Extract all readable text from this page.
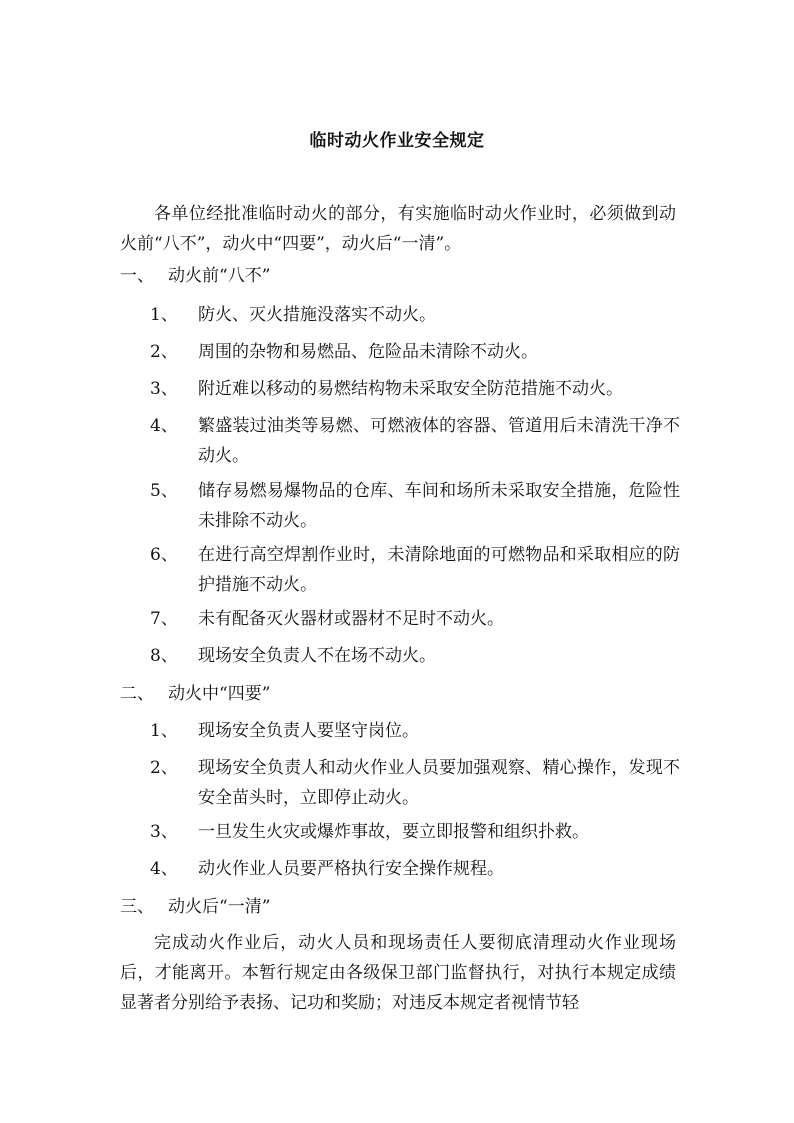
临时动火作业安全规定
各单位经批准临时动火的部分，有实施临时动火作业时，必须做到动火前“八不”，动火中“四要”，动火后“一清”。
一、 动火前“八不”
1、	防火、灭火措施没落实不动火。
2、	周围的杂物和易燃品、危险品未清除不动火。
3、	附近难以移动的易燃结构物未采取安全防范措施不动火。
4、	繁盛装过油类等易燃、可燃液体的容器、管道用后未清洗干净不动火。
5、	储存易燃易爆物品的仓库、车间和场所未采取安全措施，危险性未排除不动火。
6、	在进行高空焊割作业时，未清除地面的可燃物品和采取相应的防护措施不动火。
7、	未有配备灭火器材或器材不足时不动火。
8、	现场安全负责人不在场不动火。
二、 动火中“四要”
1、	现场安全负责人要坚守岗位。
2、	现场安全负责人和动火作业人员要加强观察、精心操作，发现不安全苗头时，立即停止动火。
3、	一旦发生火灾或爆炸事故，要立即报警和组织扑救。
4、	动火作业人员要严格执行安全操作规程。
三、 动火后“一清”
完成动火作业后，动火人员和现场责任人要彻底清理动火作业现场后，才能离开。本暂行规定由各级保卫部门监督执行，对执行本规定成绩显著者分别给予表扬、记功和奖励；对违反本规定者视情节轻
